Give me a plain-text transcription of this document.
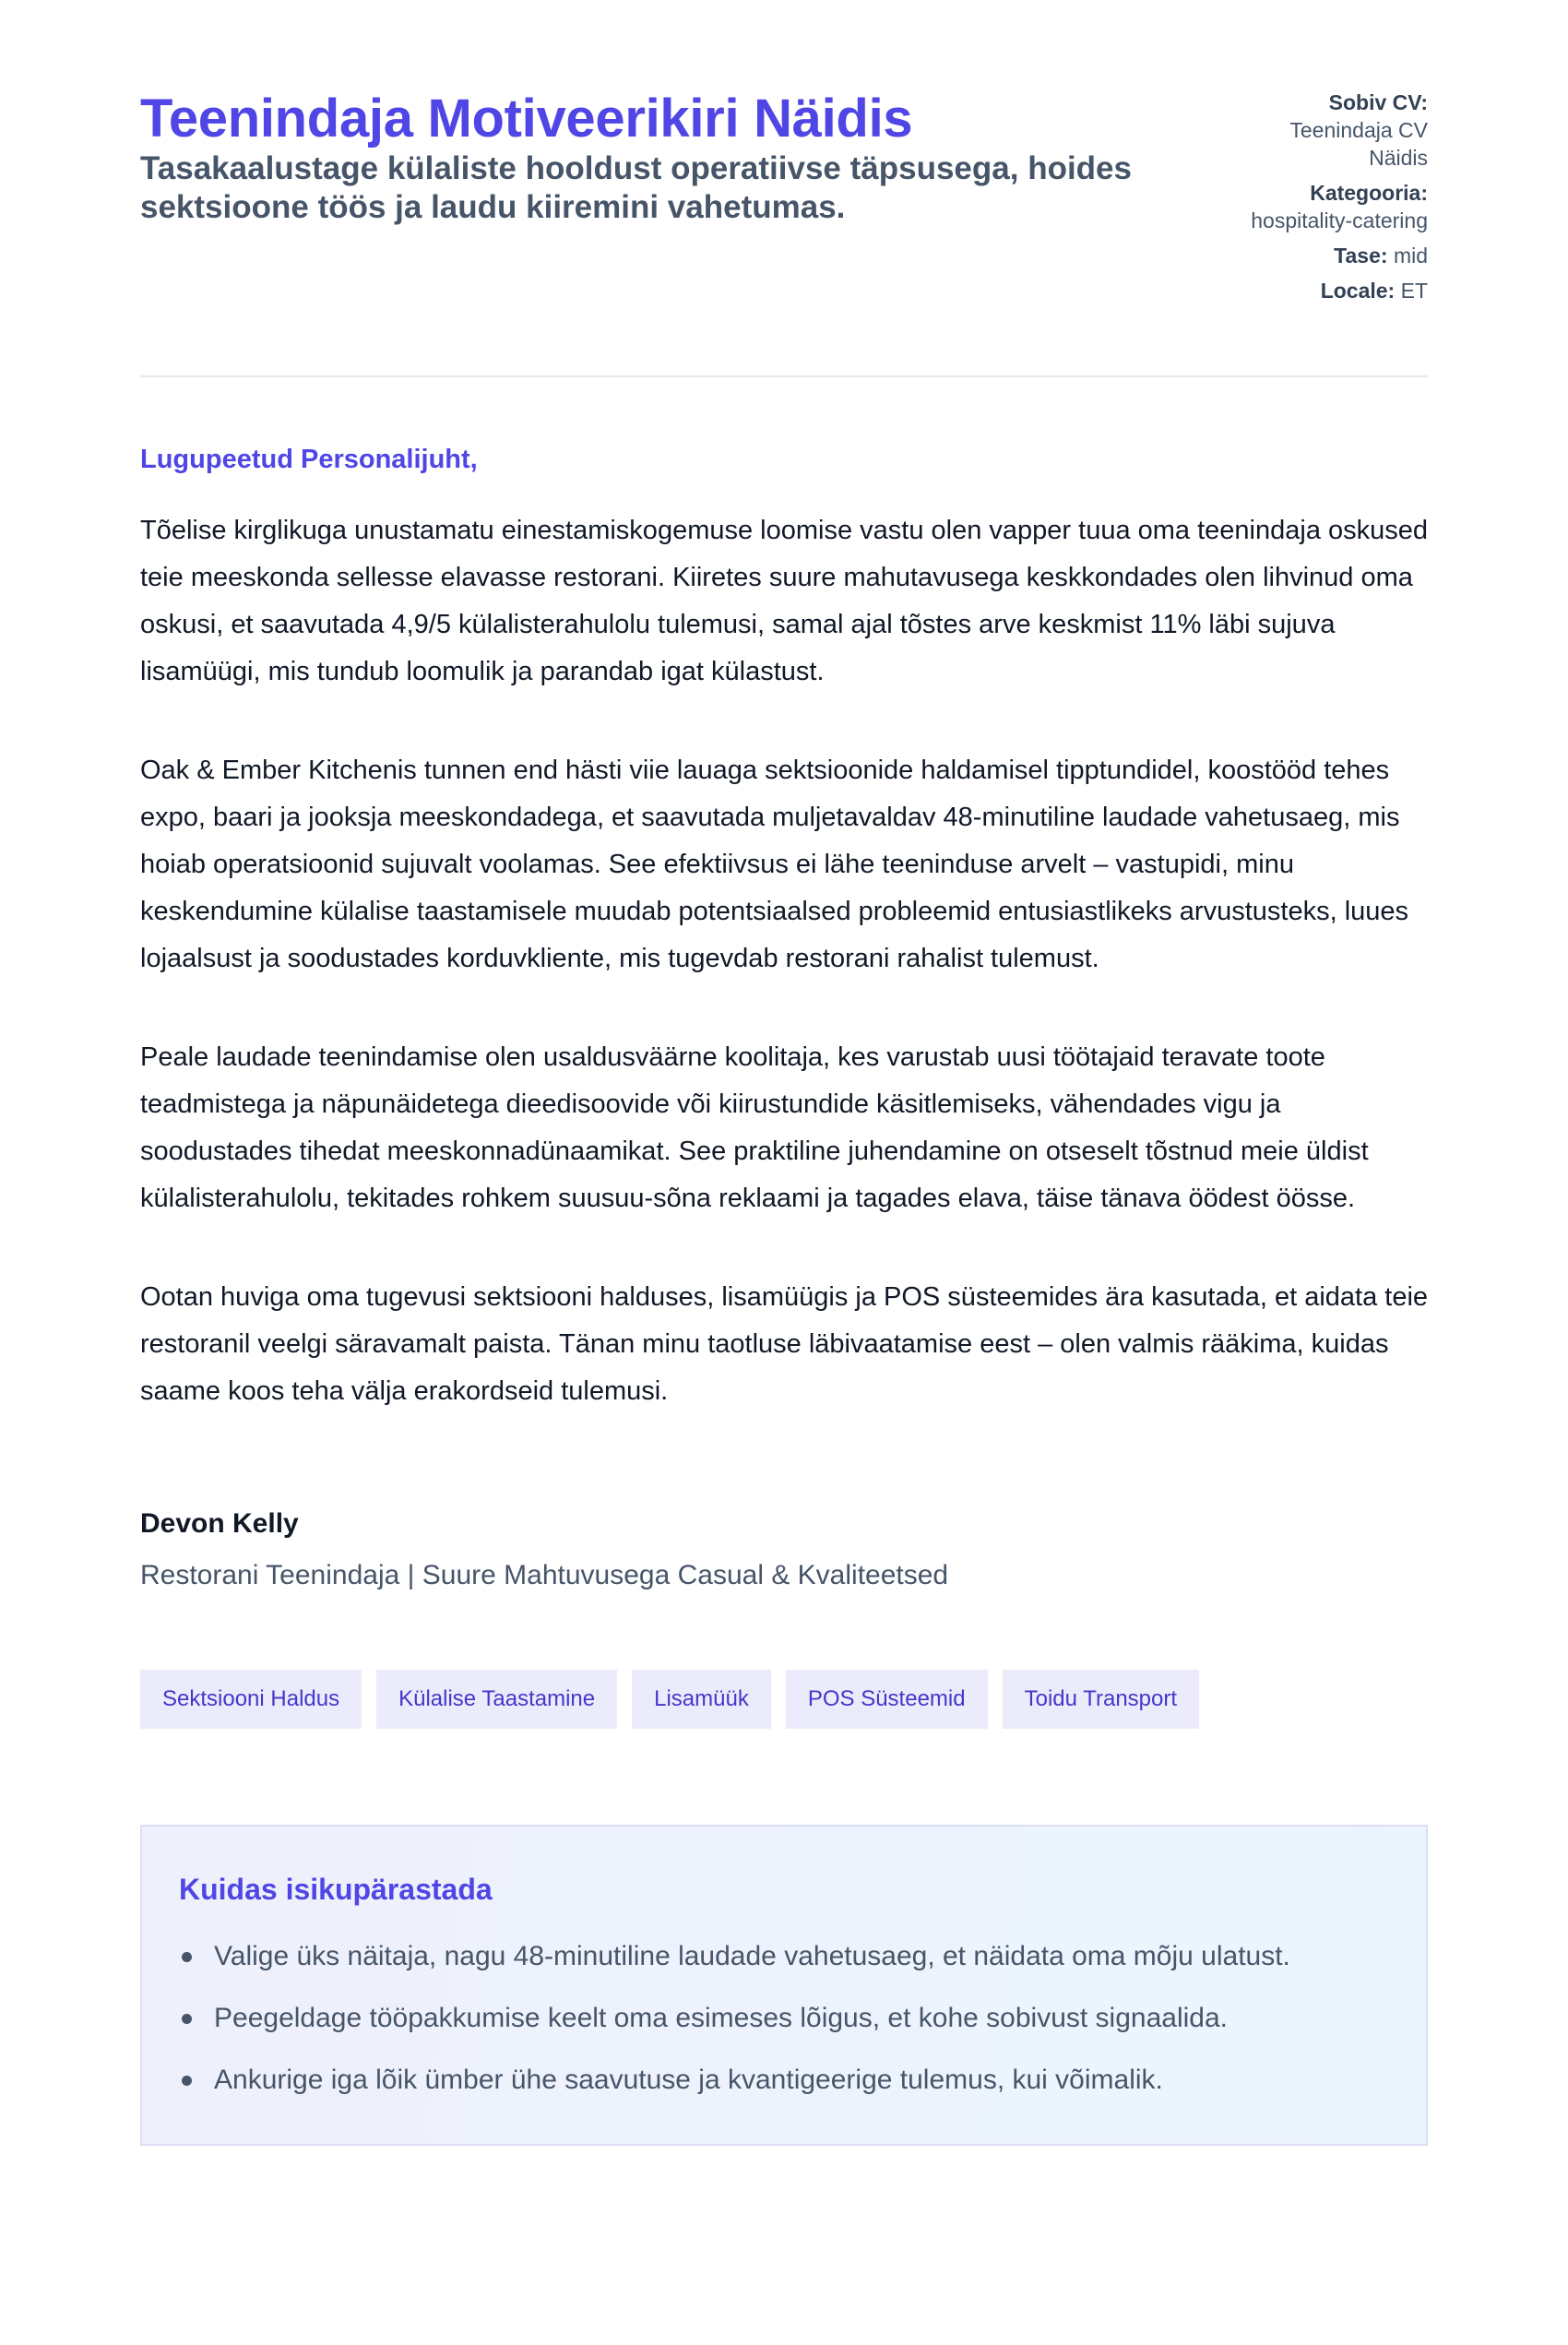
Teenindaja Motiveerikiri Näidis

Tasakaalustage külaliste hooldust operatiivse täpsusega, hoides sektsioone töös ja laudu kiiremini vahetumas.

Sobiv CV: Teenindaja CV Näidis
Kategooria: hospitality-catering
Tase: mid
Locale: ET

Lugupeetud Personalijuht,

Tõelise kirglikuga unustamatu einestamiskogemuse loomise vastu olen vapper tuua oma teenindaja oskused teie meeskonda sellesse elavasse restorani. Kiiretes suure mahutavusega keskkondades olen lihvinud oma oskusi, et saavutada 4,9/5 külalisterahulolu tulemusi, samal ajal tõstes arve keskmist 11% läbi sujuva lisamüügi, mis tundub loomulik ja parandab igat külastust.

Oak & Ember Kitchenis tunnen end hästi viie lauaga sektsioonide haldamisel tipptundidel, koostööd tehes expo, baari ja jooksja meeskondadega, et saavutada muljetavaldav 48-minutiline laudade vahetusaeg, mis hoiab operatsioonid sujuvalt voolamas. See efektiivsus ei lähe teeninduse arvelt – vastupidi, minu keskendumine külalise taastamisele muudab potentsiaalsed probleemid entusiastlikeks arvustusteks, luues lojaalsust ja soodustades korduvkliente, mis tugevdab restorani rahalist tulemust.

Peale laudade teenindamise olen usaldusväärne koolitaja, kes varustab uusi töötajaid teravate toote teadmistega ja näpunäidetega dieedisoovide või kiirustundide käsitlemiseks, vähendades vigu ja soodustades tihedat meeskonnadünaamikat. See praktiline juhendamine on otseselt tõstnud meie üldist külalisterahulolu, tekitades rohkem suusuu-sõna reklaami ja tagades elava, täise tänava öödest öösse.

Ootan huviga oma tugevusi sektsiooni halduses, lisamüügis ja POS süsteemides ära kasutada, et aidata teie restoranil veelgi säravamalt paista. Tänan minu taotluse läbivaatamise eest – olen valmis rääkima, kuidas saame koos teha välja erakordseid tulemusi.

Devon Kelly
Restorani Teenindaja | Suure Mahtuvusega Casual & Kvaliteetsed
Sektsiooni Haldus	Külalise Taastamine	Lisamüük	POS Süsteemid	Toidu Transport
Kuidas isikupärastada
Valige üks näitaja, nagu 48-minutiline laudade vahetusaeg, et näidata oma mõju ulatust.
Peegeldage tööpakkumise keelt oma esimeses lõigus, et kohe sobivust signaalida.
Ankurige iga lõik ümber ühe saavutuse ja kvantigeerige tulemus, kui võimalik.
